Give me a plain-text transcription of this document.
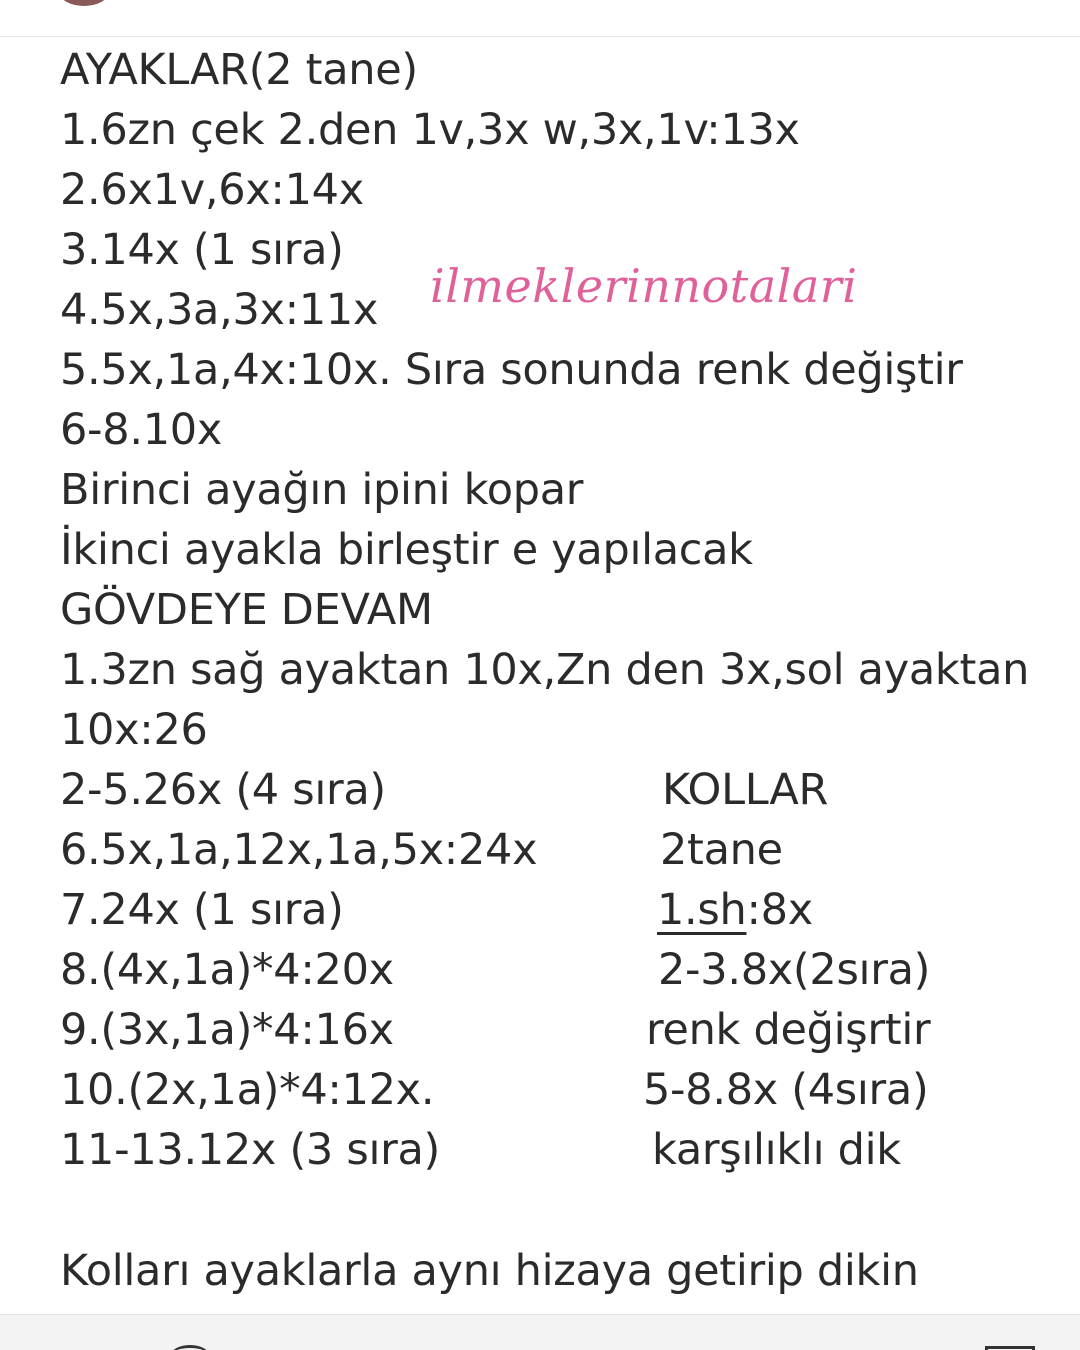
ilmeklerinnotalari
AYAKLAR(2 tane)
1.6zn çek 2.den 1v,3x w,3x,1v:13x
2.6x1v,6x:14x
3.14x (1 sıra)
4.5x,3a,3x:11x
5.5x,1a,4x:10x. Sıra sonunda renk değiştir
6-8.10x
Birinci ayağın ipini kopar
İkinci ayakla birleştir e yapılacak
GÖVDEYE DEVAM
1.3zn sağ ayaktan 10x,Zn den 3x,sol ayaktan
10x:26
2-5.26x (4 sıra)
6.5x,1a,12x,1a,5x:24x
7.24x (1 sıra)
8.(4x,1a)*4:20x
9.(3x,1a)*4:16x
10.(2x,1a)*4:12x.
11-13.12x (3 sıra)
KOLLAR
2tane
1.sh:8x
2-3.8x(2sıra)
renk değişrtir
5-8.8x (4sıra)
karşılıklı dik
Kolları ayaklarla aynı hizaya getirip dikin
